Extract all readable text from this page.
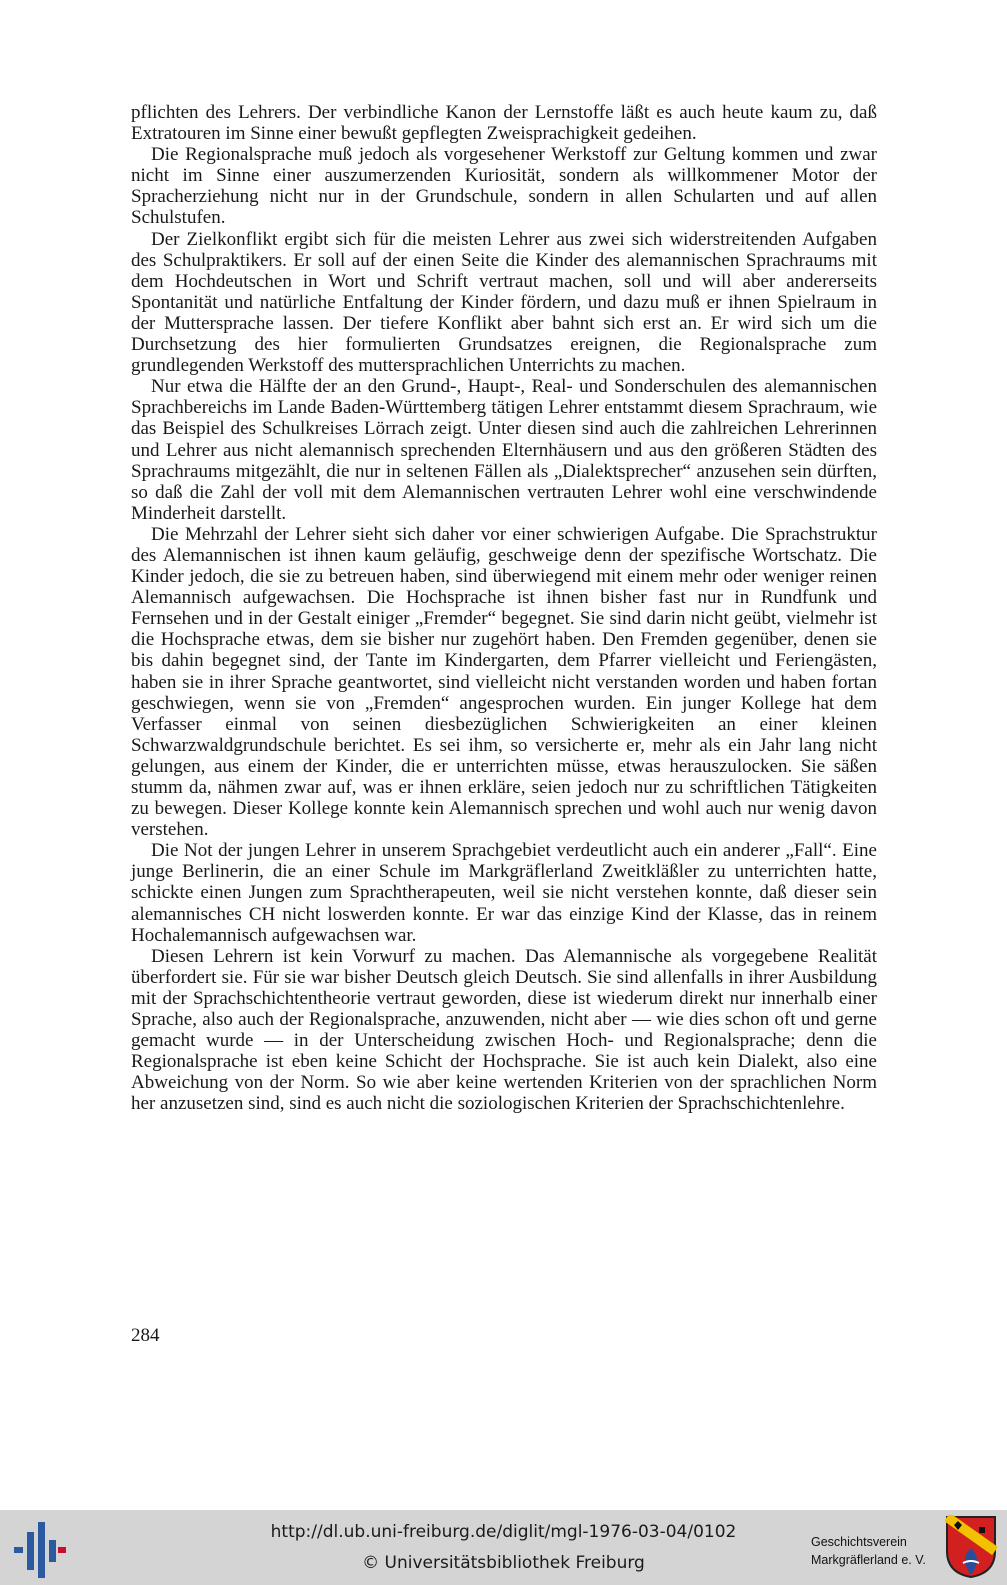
pflichten des Lehrers. Der verbindliche Kanon der Lernstoffe läßt es auch heute kaum zu, daß Extratouren im Sinne einer bewußt gepflegten Zweisprachigkeit gedeihen.

Die Regionalsprache muß jedoch als vorgesehener Werkstoff zur Geltung kommen und zwar nicht im Sinne einer auszumerzenden Kuriosität, sondern als willkommener Motor der Spracherziehung nicht nur in der Grundschule, sondern in allen Schularten und auf allen Schulstufen.

Der Zielkonflikt ergibt sich für die meisten Lehrer aus zwei sich widerstreitenden Aufgaben des Schulpraktikers. Er soll auf der einen Seite die Kinder des alemannischen Sprachraums mit dem Hochdeutschen in Wort und Schrift vertraut machen, soll und will aber andererseits Spontanität und natürliche Entfaltung der Kinder fördern, und dazu muß er ihnen Spielraum in der Muttersprache lassen. Der tiefere Konflikt aber bahnt sich erst an. Er wird sich um die Durchsetzung des hier formulierten Grundsatzes ereignen, die Regionalsprache zum grundlegenden Werkstoff des muttersprachlichen Unterrichts zu machen.

Nur etwa die Hälfte der an den Grund-, Haupt-, Real- und Sonderschulen des alemannischen Sprachbereichs im Lande Baden-Württemberg tätigen Lehrer entstammt diesem Sprachraum, wie das Beispiel des Schulkreises Lörrach zeigt. Unter diesen sind auch die zahlreichen Lehrerinnen und Lehrer aus nicht alemannisch sprechenden Elternhäusern und aus den größeren Städten des Sprachraums mitgezählt, die nur in seltenen Fällen als „Dialektsprecher“ anzusehen sein dürften, so daß die Zahl der voll mit dem Alemannischen vertrauten Lehrer wohl eine verschwindende Minderheit darstellt.

Die Mehrzahl der Lehrer sieht sich daher vor einer schwierigen Aufgabe. Die Sprachstruktur des Alemannischen ist ihnen kaum geläufig, geschweige denn der spezifische Wortschatz. Die Kinder jedoch, die sie zu betreuen haben, sind überwiegend mit einem mehr oder weniger reinen Alemannisch aufgewachsen. Die Hochsprache ist ihnen bisher fast nur in Rundfunk und Fernsehen und in der Gestalt einiger „Fremder“ begegnet. Sie sind darin nicht geübt, vielmehr ist die Hochsprache etwas, dem sie bisher nur zugehört haben. Den Fremden gegenüber, denen sie bis dahin begegnet sind, der Tante im Kindergarten, dem Pfarrer vielleicht und Feriengästen, haben sie in ihrer Sprache geantwortet, sind vielleicht nicht verstanden worden und haben fortan geschwiegen, wenn sie von „Fremden“ angesprochen wurden. Ein junger Kollege hat dem Verfasser einmal von seinen diesbezüglichen Schwierigkeiten an einer kleinen Schwarzwaldgrundschule berichtet. Es sei ihm, so versicherte er, mehr als ein Jahr lang nicht gelungen, aus einem der Kinder, die er unterrichten müsse, etwas herauszulocken. Sie säßen stumm da, nähmen zwar auf, was er ihnen erkläre, seien jedoch nur zu schriftlichen Tätigkeiten zu bewegen. Dieser Kollege konnte kein Alemannisch sprechen und wohl auch nur wenig davon verstehen.

Die Not der jungen Lehrer in unserem Sprachgebiet verdeutlicht auch ein anderer „Fall“. Eine junge Berlinerin, die an einer Schule im Markgräflerland Zweitkläßler zu unterrichten hatte, schickte einen Jungen zum Sprachtherapeuten, weil sie nicht verstehen konnte, daß dieser sein alemannisches CH nicht loswerden konnte. Er war das einzige Kind der Klasse, das in reinem Hochalemannisch aufgewachsen war.

Diesen Lehrern ist kein Vorwurf zu machen. Das Alemannische als vorgegebene Realität überfordert sie. Für sie war bisher Deutsch gleich Deutsch. Sie sind allenfalls in ihrer Ausbildung mit der Sprachschichtentheorie vertraut geworden, diese ist wiederum direkt nur innerhalb einer Sprache, also auch der Regionalsprache, anzuwenden, nicht aber — wie dies schon oft und gerne gemacht wurde — in der Unterscheidung zwischen Hoch- und Regionalsprache; denn die Regionalsprache ist eben keine Schicht der Hochsprache. Sie ist auch kein Dialekt, also eine Abweichung von der Norm. So wie aber keine wertenden Kriterien von der sprachlichen Norm her anzusetzen sind, sind es auch nicht die soziologischen Kriterien der Sprachschichtenlehre.

284
http://dl.ub.uni-freiburg.de/diglit/mgl-1976-03-04/0102
© Universitätsbibliothek Freiburg
Geschichtsverein
Markgräflerland e. V.
